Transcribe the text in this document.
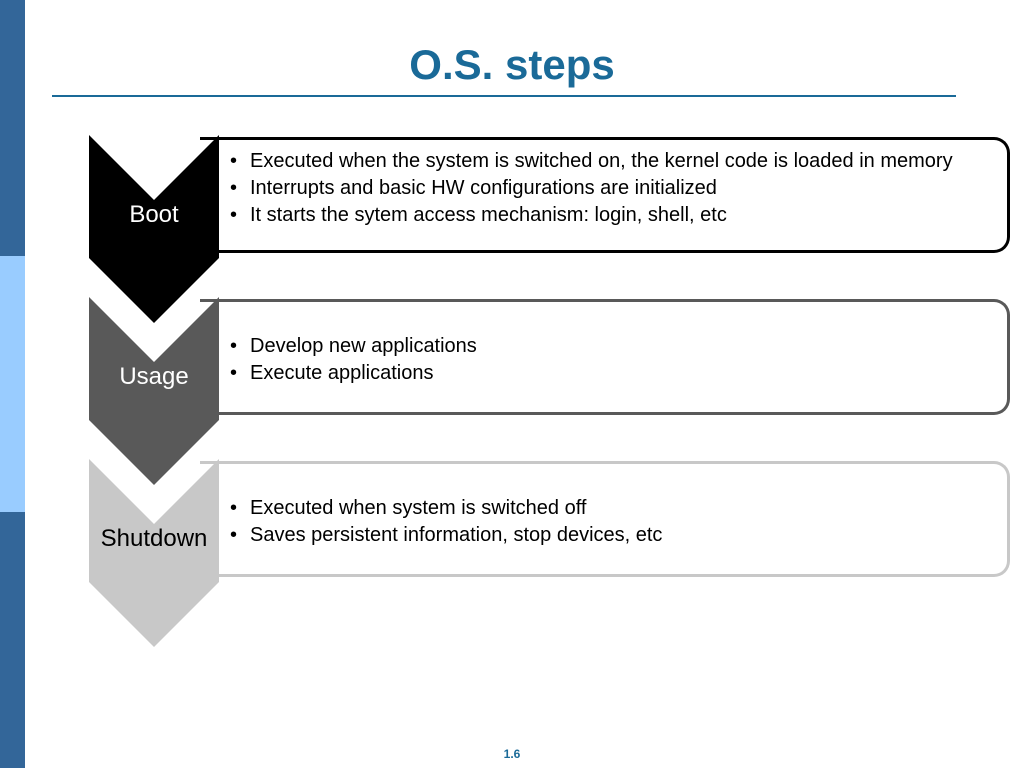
O.S. steps
• Executed when the system is switched on, the kernel code is loaded in memory
• Interrupts and basic HW configurations are initialized
• It starts the sytem access mechanism: login, shell, etc
Boot
• Develop new applications
• Execute applications
Usage
• Executed when system is switched off
• Saves persistent information, stop devices, etc
Shutdown
1.6
